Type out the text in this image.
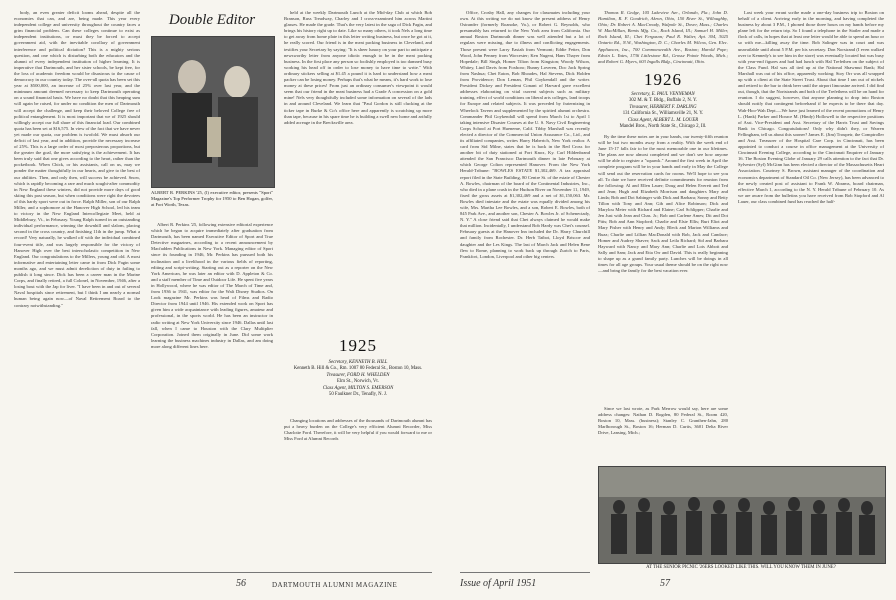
body, an even greater deficit looms ahead, despite all the economies that can, and are, being made. This year every independent college and university throughout the country faces a grim financial problem. Can these colleges continue to exist as independent institutions, or must they be forced to accept government aid, with the inevitable corollary of government interference and political dictation? This is a mighty serious question, and one which is disturbing both the educators and the alumni of every independent institution of higher learning. It is imperative that Dartmouth, and her sister schools, be kept free, for the loss of academic freedom would be disastrous to the cause of democracy in our country today. The over-all quota has been set this year at $500,000, an increase of 25% over last year, and the minimum amount deemed necessary to keep Dartmouth operating on a sound financial basis. We have no doubt that this heaping sum will again be raised, for under no condition the men of Dartmouth will accept the challenge, and keep their beloved College free of political entanglement. It is most important that we of 1925 should willingly accept our full share of this financial load. Our combined quota has been set at $16,575. In view of the fact that we have never yet made our quota, our problem is twofold. We must absorb our deficit of last year, and in addition, provide the necessary increase of 25%. This is a large order of most preposterous proportions, but the greater the goal, the more satisfying is the achievement. It has been truly said that one gives according to the heart, rather than the pocketbook. When Chick, or his assistants, call on us, may we ponder the matter thoughtfully in our hearts, and give to the best of our abilities. Then, and only then, will success be achieved. Snow, which is rapidly becoming a rare and much sought-after commodity in New England these winters, did not provide more days of good skiing this past season, but when conditions were right the devotees of this hardy sport were out in force. Ralph Miller, son of our Ralph Miller, and a sophomore at the Hanover High School, led his team to victory in the New England Intercollegiate Meet, held at Middlebury, Vt., in February. Young Ralph turned in an outstanding individual performance, winning the downhill and slalom, placing second in the cross country, and finishing 11th in the jump. What a record! Very naturally, he walked off with the individual combined four-event title, and was largely responsible for the victory of Hanover High over the best interscholastic competition in New England. Our congratulations to the Millers, young and old. A most informative and entertaining letter came in from Dick Fagin some months ago, and we must admit dereliction of duty in failing to publish it long since. Dick has been a career man in the Marine Corps, and finally retired, a full Colonel, in November, 1946, after a losing bout with the Jap for liver. "I have been in and out of several Naval hospitals since retirement, but I think I am nearly a normal human being again now—of Naval Retirement Board to the contrary notwithstanding."

Double Editor
ALBERT R. PERKINS '25, (l) executive editor, presents "Sport" Magazine's Top Performer Trophy for 1950 to Ben Hogan, golfer, at Fort Worth, Texas.

Albert R. Perkins '25, following extensive editorial experience which he began to acquire immediately after graduation from Dartmouth, has been named Executive Editor of Sport and True Detective magazines, according to a recent announcement by Macfadden Publications in New York. Managing editor of Sport since its founding in 1946, Mr. Perkins has pursued both his inclination and a livelihood in the various fields of reporting, editing and script-writing. Starting out as a reporter on the New York American, he was later an editor with D. Appleton & Co. and a staff member of Time and Outdoor Life. He spent five years in Hollywood, where he was editor of The March of Time and, from 1936 to 1941, was editor for the Walt Disney Studios. On Look magazine Mr. Perkins was head of Films and Radio Director from 1944 until 1946. His extended work on Sport has given him a wide acquaintance with leading figures, amateur and professional, in the sports world. He has been an instructor in radio writing at New York University since 1946. Dallas until last fall, when I came to Houston with the Clary Multiplier Corporation. Joined them originally in June. Did some work learning the business machines industry in Dallas, and am doing more along different lines here.

held at the weekly Dartmouth Lunch at the Mid-day Club at which Bob Branson, Russ Treadway, Charley and I cross-examined him across Martini glasses. He made the grade. That's the very latest in the saga of Dick Fagin, and brings his history right up to date. Like so many others, it took Nels a long time to get away from home plate in this letter writing business, but once he got at it, he really scored. Our friend is in the meat packing business in Cleveland, and testifies your Secretary by saying: "It is sheer lunacy on your part to anticipate a newsworthy letter from anyone idiotic enough to be in the meat packing business. In the first place any person so foolishly employed is too damned busy working his head off in order to lose money to have time to write." With ordinary stickers selling at $1.45 a pound it is hard to understand how a meat packer can be losing money. Perhaps that's what he means, it's hard work to lose money at these prices! From just an ordinary consumer's viewpoint it would seem that our friend in the meat business had a Grade A concession on a gold mine! Nels very thoughtfully included some information on several of the lads in and around Cleveland. We learn that "Paul Gordon is still clucking at the ticker tape in Burke & Co's office here and apparently is scratching up more than tape, because in his spare time he is building a swell new home and artfully added acreage in the Brecksville area.

1925
Secretary, KENNETH B. HILL
Kenneth B. Hill & Co., Rm. 1007 80 Federal St., Boston 10, Mass.
Treasurer, FORD H. WHELDEN
Elm St., Norwich, Vt.
Class Agent, MILTON S. EMERSON
50 Faulkner Dr., Tenafly, N. J.

Changing locations and addresses of the thousands of Dartmouth alumni has put a heavy burden on the College's very efficient Alumni Recorder, Miss Charlotte Ford. Therefore, it will be very helpful if you would forward to me or Miss Ford at Alumni Records

56	DARTMOUTH ALUMNI MAGAZINE

Office, Crosby Hall, any changes for classmates including your own. At this writing we do not know the present address of Henry Ostrander (formerly Roanoke, Va.), or Robert G. Reynolds, who presumably has returned to the New York area from California. Our annual Boston Dartmouth dinner was well attended but a lot of regulars were missing, due to illness and conflicting engagements. Those present were Larry Eastah from Vermont; Eddie Fetter, Don Wood, John Penney from Worcester; Ken Nugent, Hans Thayer from Hopedale; Bill Singh, Homer Tilton from Kingston; Woody Wilson, Whitey, Lind Davis from Foxboro; Bunny Loveren, Doc Jack Spring from Nashua; Chet Eaton, Bob Rhoades, Hal Stevens, Dick Holden from Providence; Don Leman, Phil Goykendall and the writer. President Dickey and President Conant of Harvard gave excellent addresses elaborating on vital current subjects such as military training, effect of world conditions on liberal arts colleges, land troops for Europe and related subjects. It was preceded by fraternizing in Wheelock Tavern and supplemented by the spirited alumni orchestra. Commander Phil Goykendall will spend from March 1st to April 1 taking intensive Disaster Courses at the U. S. Navy Civil Engineering Corps School at Port Hueneme, Calif. Tibby Marshall was recently elected a director of the Commercial Union Assurance Co., Ltd., and its affiliated companies, writes Harry Haberich, New York realtor. A card from Sid Milne, states that he is back in the Red Cross for another bit of duty stationed at Fort Knox, Ky. Carl Hildenbrand attended the San Francisco Dartmouth dinner in late February at which George Colton represented Hanover. From the New York Herald-Tribune: "BOWLES ESTATE $1,302,469. A tax appraisal report filed in the State Building, 80 Centre St. of the estate of Chester A. Bowles, chairman of the board of the Continental Industries, Inc., who died in a plane crash in the Hudson River on November 11, 1949, fixed the gross assets at $1,302,469 and a net of $1,150,063. Mr. Bowles died intestate and the estate was equally divided among his wife, Mrs. Martha Lee Bowles, and a son, Robert E. Bowles, both of 845 Park Ave., and another son, Chester A. Bowles Jr. of Schenectady, N. Y." A close friend said that Chet always claimed he would make that million. Incidentally, I understand Bob Hardy was Chet's counsel. February guests at the Hanover Inn included the Dr. Harry Churchill and family from Rochester. Dr. Herb Taibot, Lloyd Briscoe and daughter and the Les Kings. The last of March Jack and Helen Bene flew to Rome, planning to work back up through Zurich to Paris, Frankfort, London, Liverpool and other big centers.

Thomas R. Gedge, 105 Lakeview Ave., Orlando, Fla.; John D. Hamilton, R. F. Goodrich, Akron, Ohio, 150 River St., Willoughby, Ohio; Dr. Robert A. MacCready, Walpole St., Dover, Mass.; Charles W. MacMillan, Bemis Mfg. Co., Rock Island, Ill.; Samuel H. Miller, Rock Island, Ill.; Chet Ferguson; Paul R. Walter, Apt. 304, 3025 Ontario Rd., N.W., Washington, D. C.; Charles M. Wilcox, Gen. Elec. Appliances, Inc., 700 Commonwealth Ave., Boston; Harold Pope; Edwin L. Yates, 1736 Littlestone Rd., Grosse Pointe Woods, Mich.; and Robert G. Myers, 603 Ingalls Bldg., Cincinnati, Ohio.

1926
Secretary, E. PAUL VENNEMAN
302 M. & T. Bldg., Buffalo 2, N. Y.
Treasurer, HERBERT F. DARLING
131 California St., Williamsville 21, N. Y.
Class Agent, ALBERT L. M. LOUER
Mandel Bros., North State St., Chicago 2, Ill.

By the time these notes are in your hands, our twenty-fifth reunion will be but two months away from a reality. With the week end of June 15-17 falls fair to be the most memorable one in our lifetimes. The plans are now almost completed and we don't see how anyone will be able to register a "squawk." Around the first week in April the complete program will be in your hands and early in May the College will send out the reservation cards for rooms. We'll hope to see you all. To date we have received definite commitments for reunion from the following: Al and Ellen Lauer; Doug and Helen Everett and Ted and Jean; Hugh and Elizabeth Morrison and daughters Mary and Linda; Bob and Dot Sabinger with Dick and Barbara; Sonny and Betty Tillon with Tony and Ann; Gib and Alice Robinson; Dick and Marylou Meier with Richard and Elaine; Carl Schlipper; Charlie and Jen Just with Jean and Chas. Jr.; Bob and Carlene Ames; Dit and Dot Pitts; Bob and Ann Stopford; Charlie and Elsie Ellis; Burt Eliot and Mary Fisher with Henry and Andy; Bleck and Marion Williams and Buzz; Charlie and Lillian MacDonald with Bob, Jack and Candace; Homer and Audrey Shaver; Sack and Leila Richard; Sid and Barbara Hayward with Nancy and Mary Ann; Charlie and Lois Abbott and Sally and Sam; Jack and Etta Orr and David. This is really beginning to shape up as a grand family party. Lunches will be doings in all times for all age groups. Your usual theme should be on the right now—and bring the family for the best vacation ever.

Since we last wrote, as Park Merrow would say, here are some address changes: Nathan D. Bogden, 80 Federal St., Room 420, Boston 10, Mass. (business); Stanley C. Granthen-Jahn, 280 Marlborough St., Boston 16; Herman D. Curtis, 3601 Delta River Drive, Lansing, Mich.;

Last week your errant scribe made a one-day business trip to Boston on behalf of a client. Arriving early in the morning, and having completed the business by about 3 P.M., I phoned those three hours on my hands before my plane left for the return trip. So I found a telephone in the Statler and made a flock of calls, in hopes that at least one letter would be able to spend an hour or so with me—killing away the time. Bob Salinger was in court and was unavailable until about 5 P.M. per his secretary. Don Norstrand (I even walked over to Kennedy's to see him in the store) was eventually located but was busy with year-end figures and had had lunch with Hal Trefethen on the subject of the Class Fund. Hal was all tied up at the National Shawmut Bank; Hal Marshall was out of his office, apparently working; Stoy Orr was all wrapped up with a client at the State Street Trust. About that time I ran out of nickels and retired to the bar to drink beer until the airport limousine arrived. I did find out, though, that the Nortstrands and both of the Trefethens will be on hand for reunion. I do suggest, however, that anyone planning to drop into Boston should notify that contingent beforehand if he expects to be there that day. Wah-Hoo-Wah Dept.—We have just learned of the recent promotions of Henry L. (Hank) Parker and Horace M. (Hindy) Hollowell to the respective positions of Asst. Vice-President and Asst. Secretary of the Harris Trust and Savings Bank in Chicago. Congratulations! Only why didn't they, or Warren Fellingham, tell us about this sooner? James E. (Jim) Troupeir, the Comptroller and Asst. Treasurer of the Hospital Care Corp. in Cincinnati, has been appointed to conduct a course in office management at the University of Cincinnati Evening College, according to the Cincinnati Enquirer of January 16. The Boston Evening Globe of January 29 calls attention to the fact that Dr. Sylvester (Syl) McGinn has been elected a director of the Massachusetts Heart Association. Courtney S. Brown, assistant manager of the coordination and economics department of Standard Oil Co. (New Jersey), has been advanced to the newly created post of assistant to Frank W. Abrams, board chairman, effective March 1, according to the N. Y. Herald Tribune of February 10. As we are aware from the bulletins you have received from Bob Stopford and Al Lauer, our class combined fund has reached the half-

AT THE SENIOR PICNIC '26ERS LOOKED LIKE THIS. WILL YOU KNOW THEM IN JUNE?
Issue of April 1951	57
